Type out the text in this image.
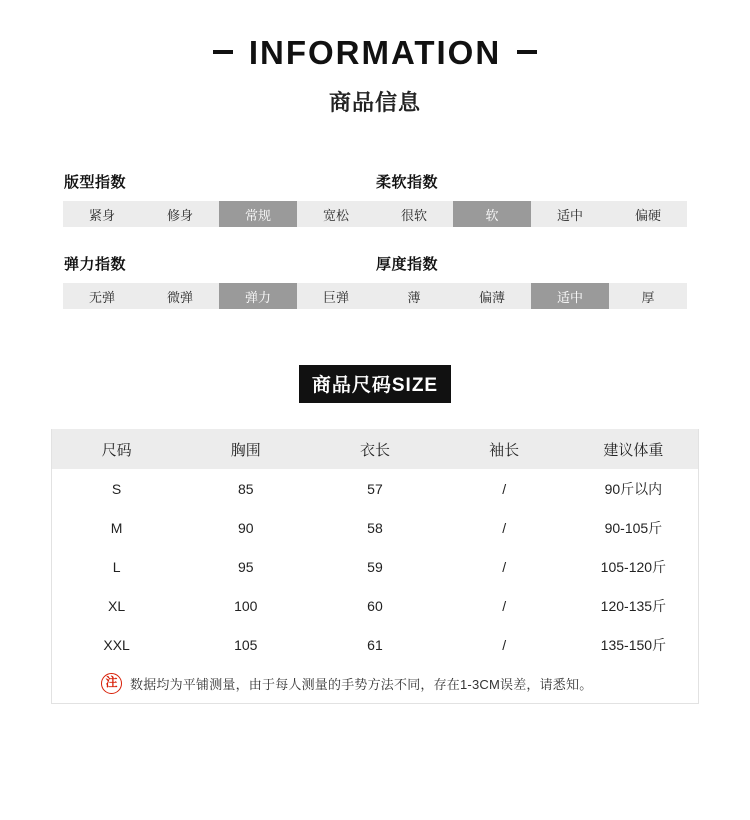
INFORMATION
商品信息
版型指数
紧身	修身	常规	宽松
柔软指数
很软	软	适中	偏硬
弹力指数
无弹	微弹	弹力	巨弹
厚度指数
薄	偏薄	适中	厚
商品尺码SIZE
尺码	胸围	衣长	袖长	建议体重
S	85	57	/	90斤以内
M	90	58	/	90-105斤
L	95	59	/	105-120斤
XL	100	60	/	120-135斤
XXL	105	61	/	135-150斤

注 数据均为平铺测量，由于每人测量的手势方法不同，存在1-3CM误差，请悉知。				
